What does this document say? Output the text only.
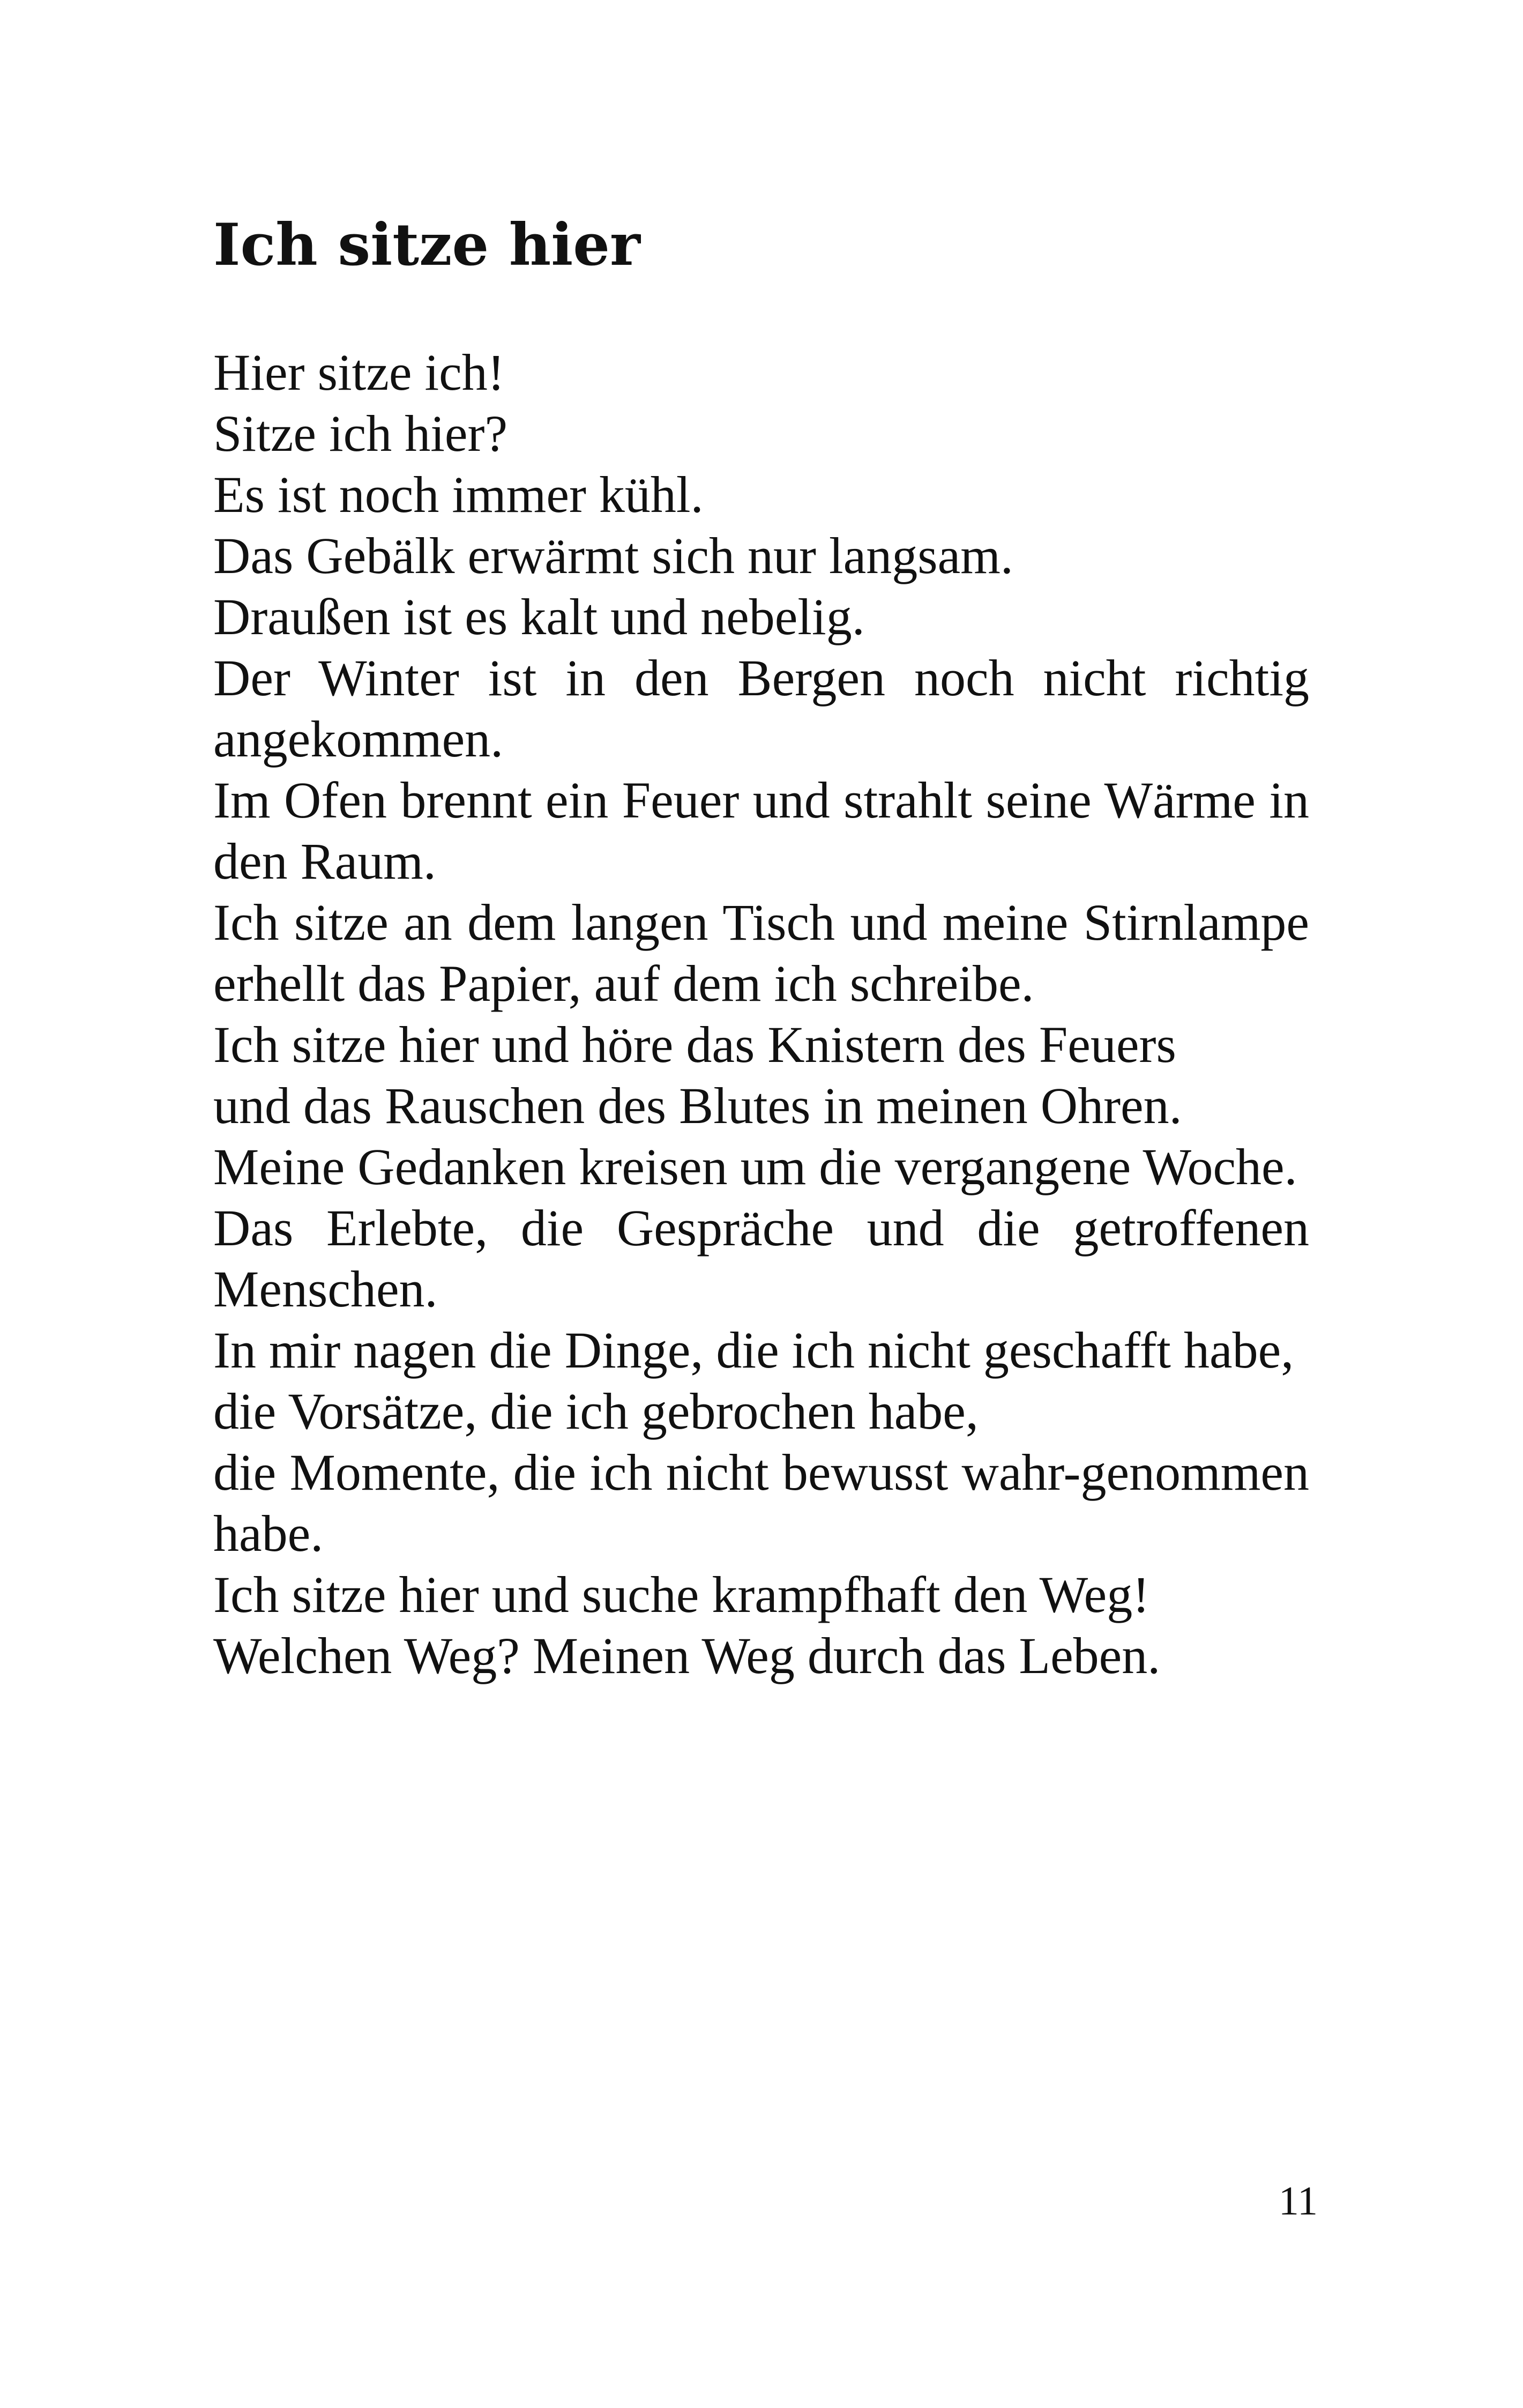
Ich sitze hier

Hier sitze ich!

Sitze ich hier?

Es ist noch immer kühl.

Das Gebälk erwärmt sich nur langsam.

Draußen ist es kalt und nebelig.

Der Winter ist in den Bergen noch nicht richtig angekommen.

Im Ofen brennt ein Feuer und strahlt seine Wärme in den Raum.

Ich sitze an dem langen Tisch und meine Stirnlampe erhellt das Papier, auf dem ich schreibe.

Ich sitze hier und höre das Knistern des Feuers

und das Rauschen des Blutes in meinen Ohren.

Meine Gedanken kreisen um die vergangene Woche.

Das Erlebte, die Gespräche und die getroffenen Menschen.

In mir nagen die Dinge, die ich nicht geschafft habe,

die Vorsätze, die ich gebrochen habe,

die Momente, die ich nicht bewusst wahr-genommen habe.

Ich sitze hier und suche krampfhaft den Weg!

Welchen Weg? Meinen Weg durch das Leben.

11
